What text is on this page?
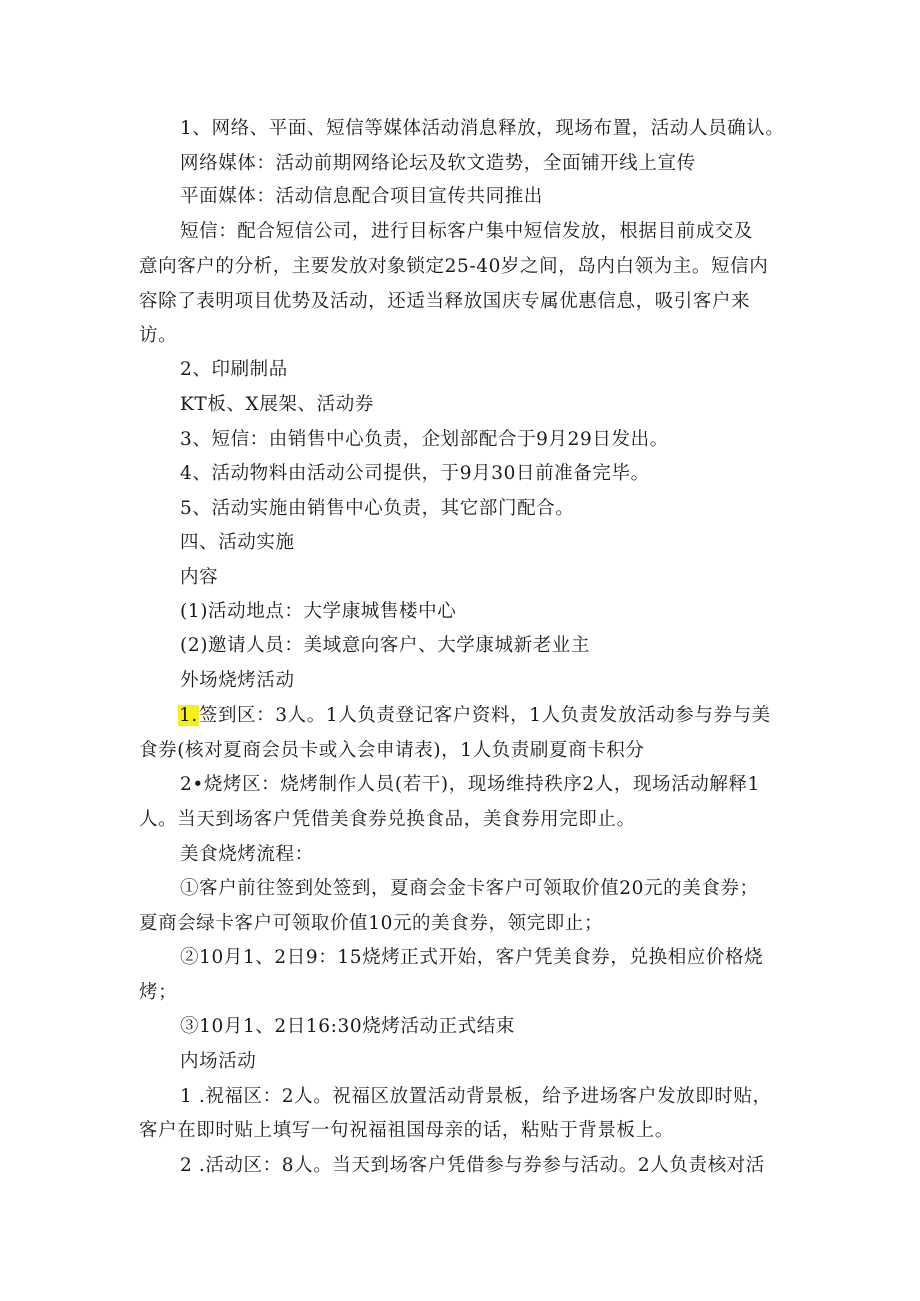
1、网络、平面、短信等媒体活动消息释放，现场布置，活动人员确认。
网络媒体：活动前期网络论坛及软文造势，全面铺开线上宣传
平面媒体：活动信息配合项目宣传共同推出
短信：配合短信公司，进行目标客户集中短信发放，根据目前成交及
意向客户的分析，主要发放对象锁定25-40岁之间，岛内白领为主。短信内
容除了表明项目优势及活动，还适当释放国庆专属优惠信息，吸引客户来
访。
2、印刷制品
KT板、X展架、活动券
3、短信：由销售中心负责，企划部配合于9月29日发出。
4、活动物料由活动公司提供，于9月30日前准备完毕。
5、活动实施由销售中心负责，其它部门配合。
四、活动实施
内容
(1)活动地点：大学康城售楼中心
(2)邀请人员：美域意向客户、大学康城新老业主
外场烧烤活动
1.签到区：3人。1人负责登记客户资料，1人负责发放活动参与券与美
食券(核对夏商会员卡或入会申请表)，1人负责刷夏商卡积分
2•烧烤区：烧烤制作人员(若干)，现场维持秩序2人，现场活动解释1
人。当天到场客户凭借美食券兑换食品，美食券用完即止。
美食烧烤流程：
①客户前往签到处签到，夏商会金卡客户可领取价值20元的美食券；
夏商会绿卡客户可领取价值10元的美食券，领完即止；
②10月1、2日9：15烧烤正式开始，客户凭美食券，兑换相应价格烧
烤；
③10月1、2日16:30烧烤活动正式结束
内场活动
1 .祝福区：2人。祝福区放置活动背景板，给予进场客户发放即时贴，
客户在即时贴上填写一句祝福祖国母亲的话，粘贴于背景板上。
2 .活动区：8人。当天到场客户凭借参与券参与活动。2人负责核对活
